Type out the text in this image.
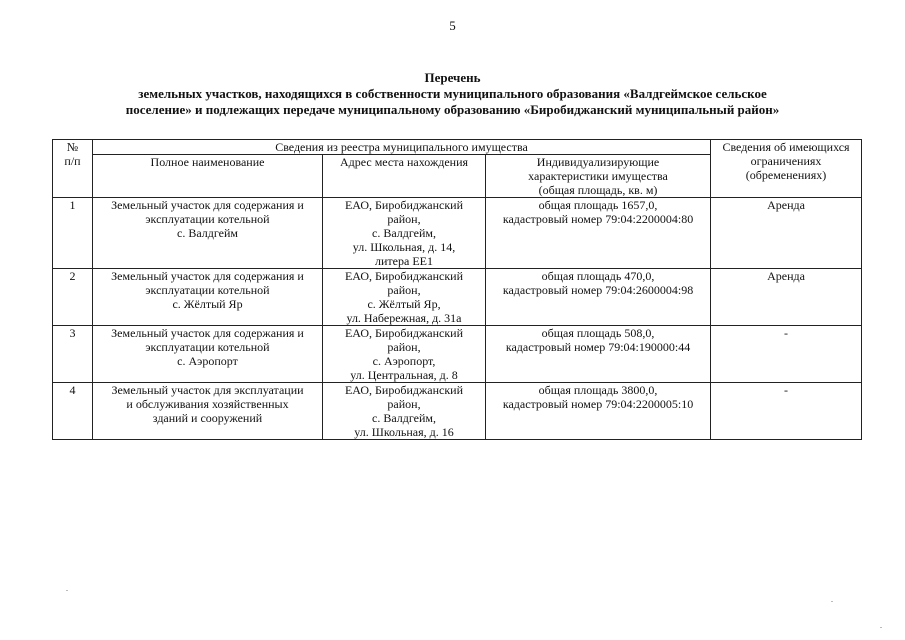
5
Перечень
земельных участков, находящихся в собственности муниципального образования «Валдгеймское сельское
поселение» и подлежащих передаче муниципальному образованию «Биробиджанский муниципальный район»
№
п/п	Сведения из реестра муниципального имущества			Сведения об имеющихся
ограничениях
(обременениях)
	Полное наименование	Адрес места нахождения	Индивидуализирующие
характеристики имущества
(общая площадь, кв. м)	
1	Земельный участок для содержания и
эксплуатации котельной
с. Валдгейм	ЕАО, Биробиджанский
район,
с. Валдгейм,
ул. Школьная, д. 14,
литера ЕЕ1	общая площадь 1657,0,
кадастровый номер 79:04:2200004:80	Аренда
2	Земельный участок для содержания и
эксплуатации котельной
с. Жёлтый Яр	ЕАО, Биробиджанский
район,
с. Жёлтый Яр,
ул. Набережная, д. 31а	общая площадь 470,0,
кадастровый номер 79:04:2600004:98	Аренда
3	Земельный участок для содержания и
эксплуатации котельной
с. Аэропорт	ЕАО, Биробиджанский
район,
с. Аэропорт,
ул. Центральная, д. 8	общая площадь 508,0,
кадастровый номер 79:04:190000:44	-
4	Земельный участок для эксплуатации
и обслуживания хозяйственных
зданий и сооружений	ЕАО, Биробиджанский
район,
с. Валдгейм,
ул. Школьная, д. 16	общая площадь 3800,0,
кадастровый номер 79:04:2200005:10	-
